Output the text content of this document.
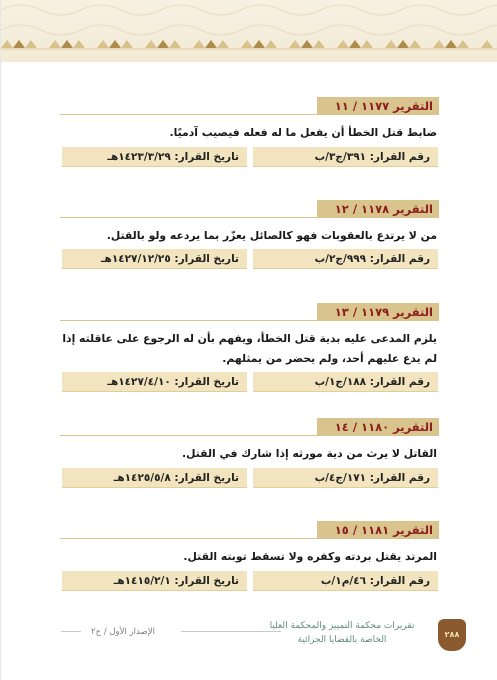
التقرير ١١٧٧ / ١١
ضابط قتل الخطأ أن يفعل ما له فعله فيصيب آدميًا.
رقم القرار: ٣٩١/ج٣/ب
تاريخ القرار: ١٤٢٣/٣/٢٩هـ
التقرير ١١٧٨ / ١٢
من لا يرتدع بالعقوبات فهو كالصائل يعزّر بما يردعه ولو بالقتل.
رقم القرار: ٩٩٩/ج٢/ب
تاريخ القرار: ١٤٢٧/١٢/٢٥هـ
التقرير ١١٧٩ / ١٣
يلزم المدعى عليه بدية قتل الخطأ، ويفهم بأن له الرجوع على عاقلته إذا لم يدع عليهم أحد، ولم يحضر من يمثلهم.
رقم القرار: ١٨٨/ج١/ب
تاريخ القرار: ١٤٢٧/٤/١٠هـ
التقرير ١١٨٠ / ١٤
القاتل لا يرث من دية مورثه إذا شارك في القتل.
رقم القرار: ١٧١/ج٤/ب
تاريخ القرار: ١٤٢٥/٥/٨هـ
التقرير ١١٨١ / ١٥
المرتد يقتل بردته وكفره ولا تسقط توبته القتل.
رقم القرار: ٤٦/م١/ب
تاريخ القرار: ١٤١٥/٢/١هـ
٢٨٨
تقريرات محكمة التمييز والمحكمة العليا الخاصة بالقضايا الجزائية
الإصدار الأول / ج٢
